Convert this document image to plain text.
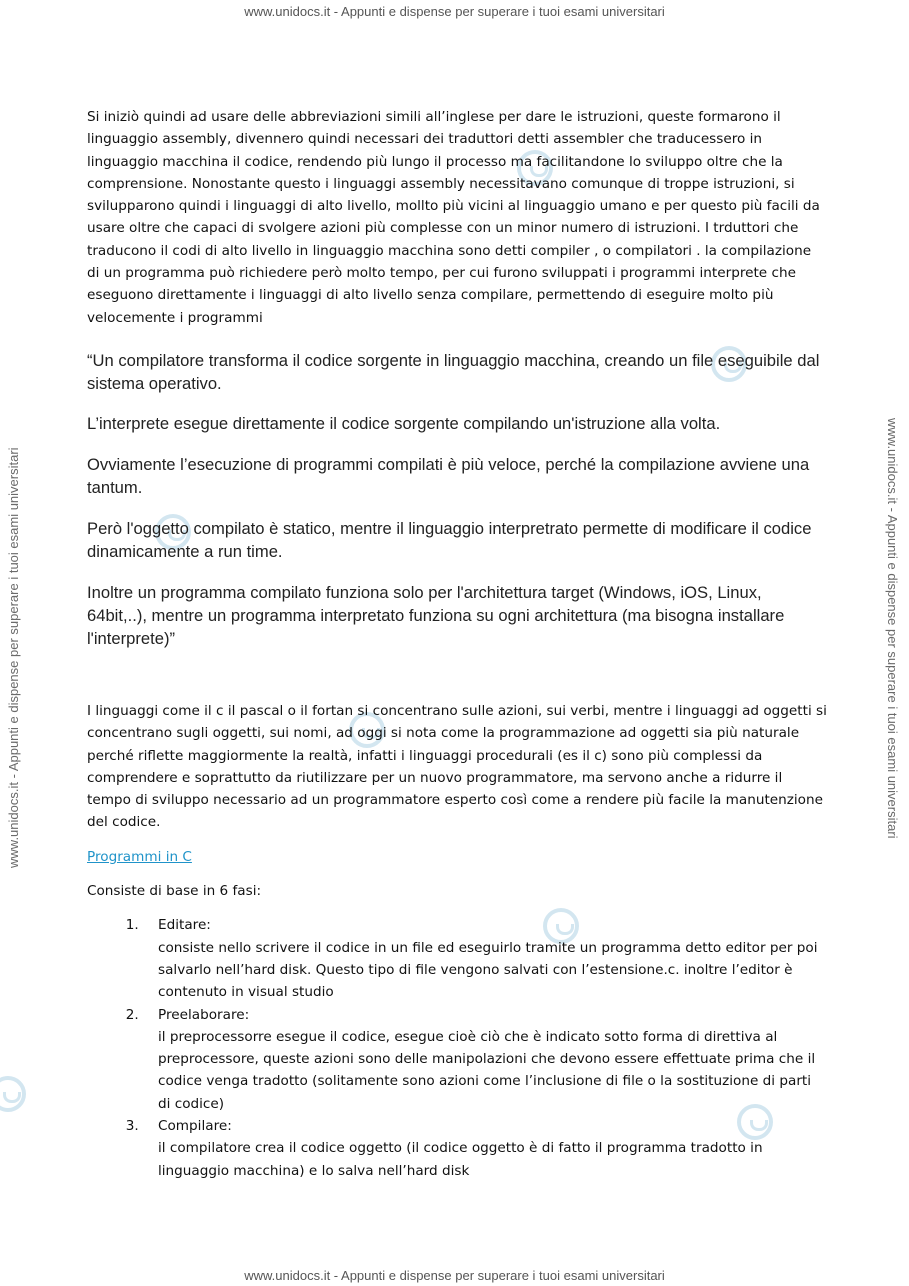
www.unidocs.it - Appunti e dispense per superare i tuoi esami universitari
www.unidocs.it - Appunti e dispense per superare i tuoi esami universitari
www.unidocs.it - Appunti e dispense per superare i tuoi esami universitari	www.unidocs.it - Appunti e dispense per superare i tuoi esami universitari

Si iniziò quindi ad usare delle abbreviazioni simili all’inglese per dare le istruzioni, queste formarono il linguaggio assembly, divennero quindi necessari dei traduttori detti assembler che traducessero in linguaggio macchina il codice, rendendo più lungo il processo ma facilitandone lo sviluppo oltre che la comprensione. Nonostante questo i linguaggi assembly necessitavano comunque di troppe istruzioni, si svilupparono quindi i linguaggi di alto livello, mollto più vicini al linguaggio umano e per questo più facili da usare oltre che capaci di svolgere azioni più complesse con un minor numero di istruzioni. I trduttori che traducono il codi di alto livello in linguaggio macchina sono detti compiler , o compilatori . la compilazione di un programma può richiedere però molto tempo, per cui furono sviluppati i programmi interprete che eseguono direttamente i linguaggi di alto livello senza compilare, permettendo di eseguire molto più velocemente i programmi

“Un compilatore transforma il codice sorgente in linguaggio macchina, creando un file eseguibile dal sistema operativo.

L’interprete esegue direttamente il codice sorgente compilando un'istruzione alla volta.

Ovviamente l’esecuzione di programmi compilati è più veloce, perché la compilazione avviene una tantum.

Però l'oggetto compilato è statico, mentre il linguaggio interpretrato permette di modificare il codice dinamicamente a run time.

Inoltre un programma compilato funziona solo per l'architettura target (Windows, iOS, Linux, 64bit,..), mentre un programma interpretato funziona su ogni architettura (ma bisogna installare l'interprete)”

I linguaggi come il c il pascal o il fortan si concentrano sulle azioni, sui verbi, mentre i linguaggi ad oggetti si concentrano sugli oggetti, sui nomi, ad oggi si nota come la programmazione ad oggetti sia più naturale perché riflette maggiormente la realtà, infatti i linguaggi procedurali (es il c) sono più complessi da comprendere e soprattutto da riutilizzare per un nuovo programmatore, ma servono anche a ridurre il tempo di sviluppo necessario ad un programmatore esperto così come a rendere più facile la manutenzione del codice.

Programmi in C

Consiste di base in 6 fasi:

1. Editare:
consiste nello scrivere il codice in un file ed eseguirlo tramite un programma detto editor per poi salvarlo nell’hard disk. Questo tipo di file vengono salvati con l’estensione.c. inoltre l’editor è contenuto in visual studio
2. Preelaborare:
il preprocessorre esegue il codice, esegue cioè ciò che è indicato sotto forma di direttiva al preprocessore, queste azioni sono delle manipolazioni che devono essere effettuate prima che il codice venga tradotto (solitamente sono azioni come l’inclusione di file o la sostituzione di parti di codice)
3. Compilare:
il compilatore crea il codice oggetto (il codice oggetto è di fatto il programma tradotto in linguaggio macchina) e lo salva nell’hard disk
